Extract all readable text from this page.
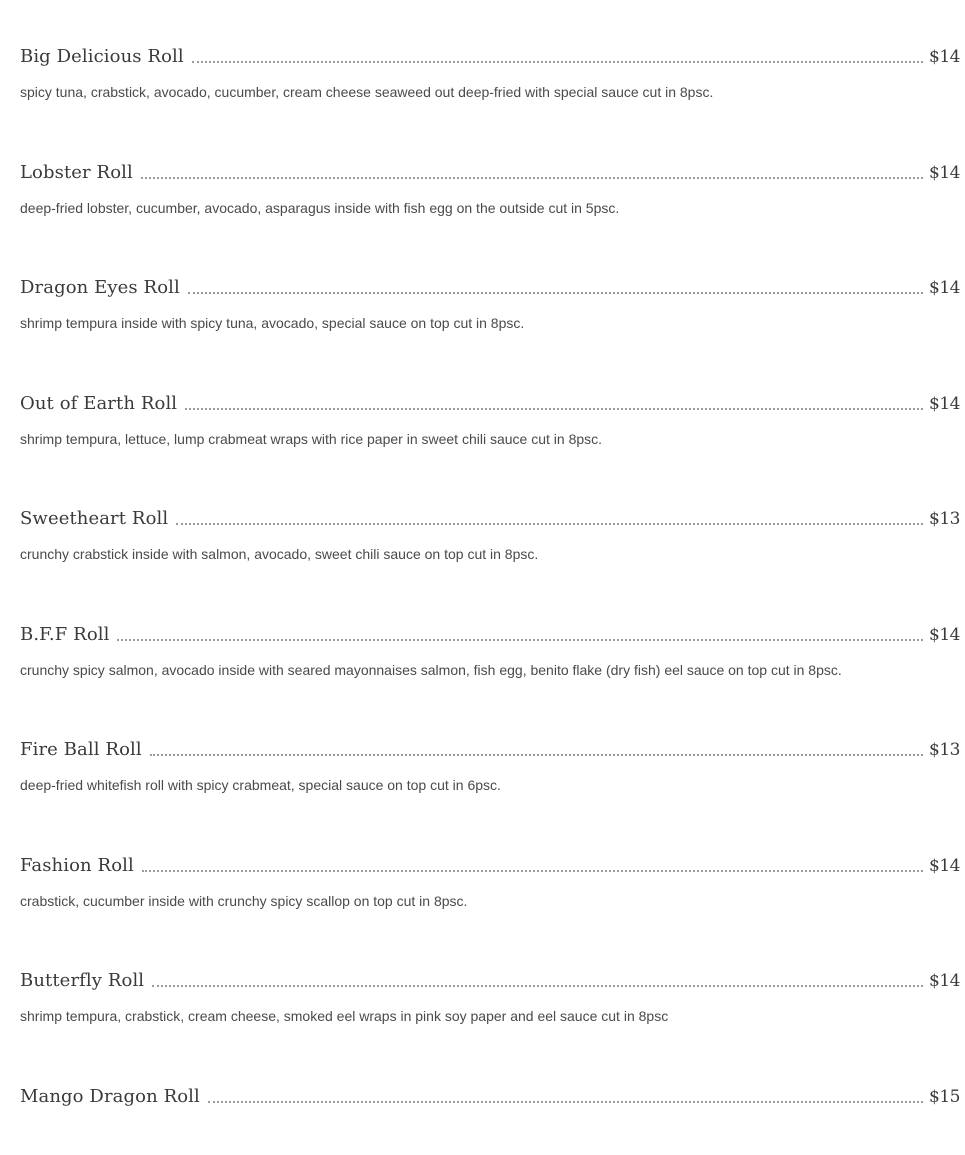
Big Delicious Roll	$14
spicy tuna, crabstick, avocado, cucumber, cream cheese seaweed out deep-fried with special sauce cut in 8psc.
Lobster Roll	$14
deep-fried lobster, cucumber, avocado, asparagus inside with fish egg on the outside cut in 5psc.
Dragon Eyes Roll	$14
shrimp tempura inside with spicy tuna, avocado, special sauce on top cut in 8psc.
Out of Earth Roll	$14
shrimp tempura, lettuce, lump crabmeat wraps with rice paper in sweet chili sauce cut in 8psc.
Sweetheart Roll	$13
crunchy crabstick inside with salmon, avocado, sweet chili sauce on top cut in 8psc.
B.F.F Roll	$14
crunchy spicy salmon, avocado inside with seared mayonnaises salmon, fish egg, benito flake (dry fish) eel sauce on top cut in 8psc.
Fire Ball Roll	$13
deep-fried whitefish roll with spicy crabmeat, special sauce on top cut in 6psc.
Fashion Roll	$14
crabstick, cucumber inside with crunchy spicy scallop on top cut in 8psc.
Butterfly Roll	$14
shrimp tempura, crabstick, cream cheese, smoked eel wraps in pink soy paper and eel sauce cut in 8psc
Mango Dragon Roll	$15
